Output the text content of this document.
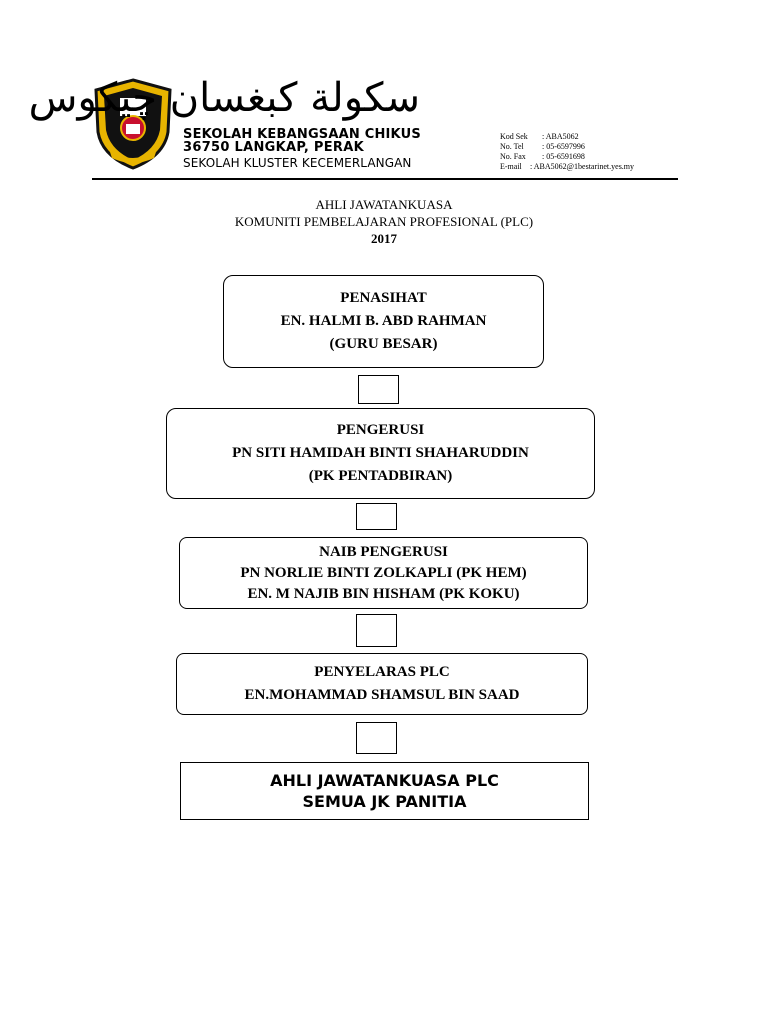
سكولة كبغسان چيكوس
SEKOLAH KEBANGSAAN CHIKUS
36750 LANGKAP, PERAK
SEKOLAH KLUSTER KECEMERLANGAN
Kod Sek : ABA5062
No. Tel : 05-6597996
No. Fax : 05-6591698
E-mail : ABA5062@1bestarinet.yes.my
AHLI JAWATANKUASA
KOMUNITI PEMBELAJARAN PROFESIONAL (PLC)
2017
PENASIHAT
EN. HALMI B. ABD RAHMAN
(GURU BESAR)
PENGERUSI
PN SITI HAMIDAH BINTI SHAHARUDDIN
(PK PENTADBIRAN)
NAIB PENGERUSI
PN NORLIE BINTI ZOLKAPLI (PK HEM)
EN. M NAJIB BIN HISHAM (PK KOKU)
PENYELARAS PLC
EN.MOHAMMAD SHAMSUL BIN SAAD
AHLI JAWATANKUASA PLC
SEMUA JK PANITIA
